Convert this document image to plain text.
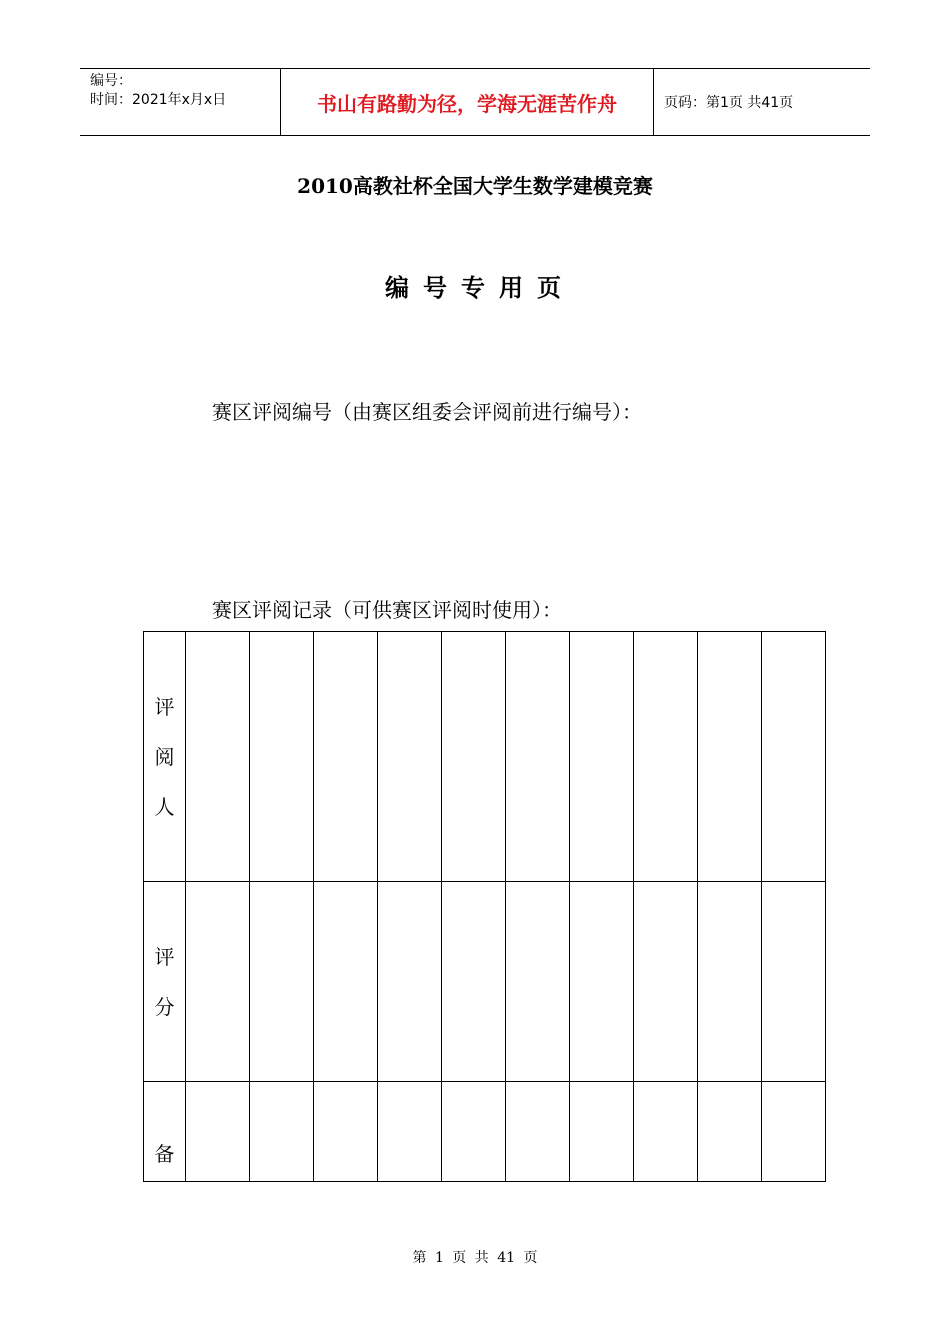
编号：
时间：2021年x月x日	书山有路勤为径，学海无涯苦作舟	页码：第1页 共41页
2010高教社杯全国大学生数学建模竞赛
编号专用页
赛区评阅编号（由赛区组委会评阅前进行编号）：
赛区评阅记录（可供赛区评阅时使用）：
评
阅
人										

评
分										

备										

第 1 页 共 41 页
